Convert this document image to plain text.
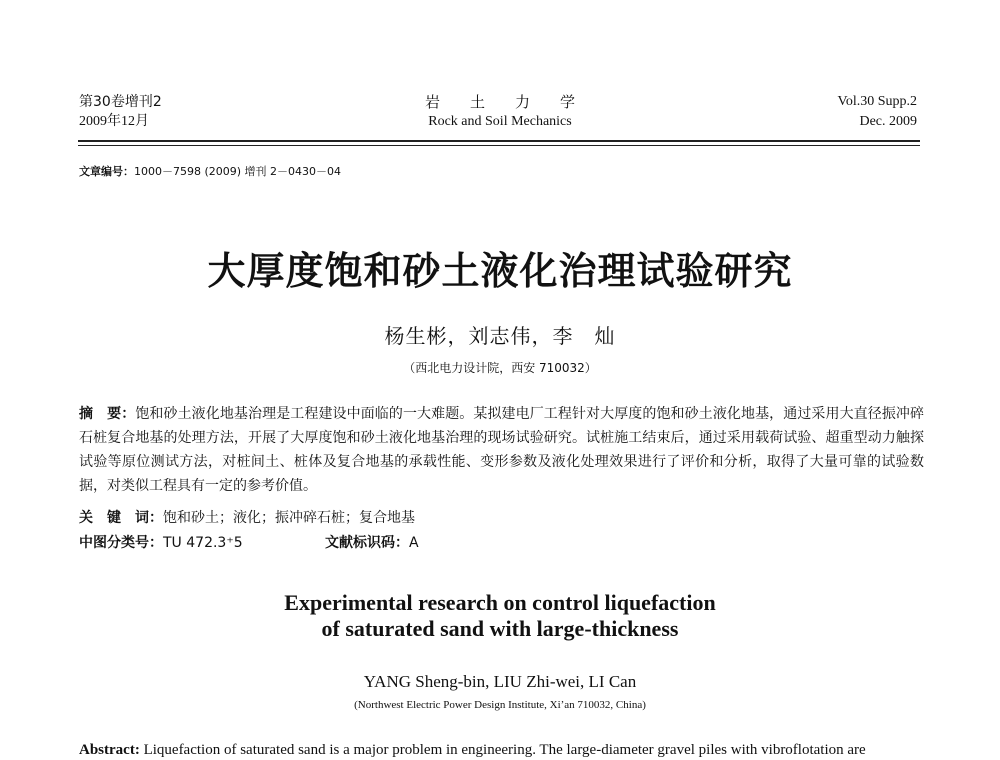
第30卷增刊2
2009年12月
岩　　土　　力　　学
Rock and Soil Mechanics
Vol.30 Supp.2
Dec. 2009
文章编号：1000－7598 (2009) 增刊 2－0430－04
大厚度饱和砂土液化治理试验研究
杨生彬，刘志伟，李　灿
（西北电力设计院，西安 710032）
摘　要：饱和砂土液化地基治理是工程建设中面临的一大难题。某拟建电厂工程针对大厚度的饱和砂土液化地基，通过采用大直径振冲碎石桩复合地基的处理方法，开展了大厚度饱和砂土液化地基治理的现场试验研究。试桩施工结束后，通过采用载荷试验、超重型动力触探试验等原位测试方法，对桩间土、桩体及复合地基的承载性能、变形参数及液化处理效果进行了评价和分析，取得了大量可靠的试验数据，对类似工程具有一定的参考价值。
关　键　词：饱和砂土；液化；振冲碎石桩；复合地基
中图分类号：TU 472.3⁺5	文献标识码：A
Experimental research on control liquefaction
of saturated sand with large-thickness
YANG Sheng-bin, LIU Zhi-wei, LI Can
(Northwest Electric Power Design Institute, Xi’an 710032, China)
Abstract: Liquefaction of saturated sand is a major problem in engineering. The large-diameter gravel piles with vibroflotation are
